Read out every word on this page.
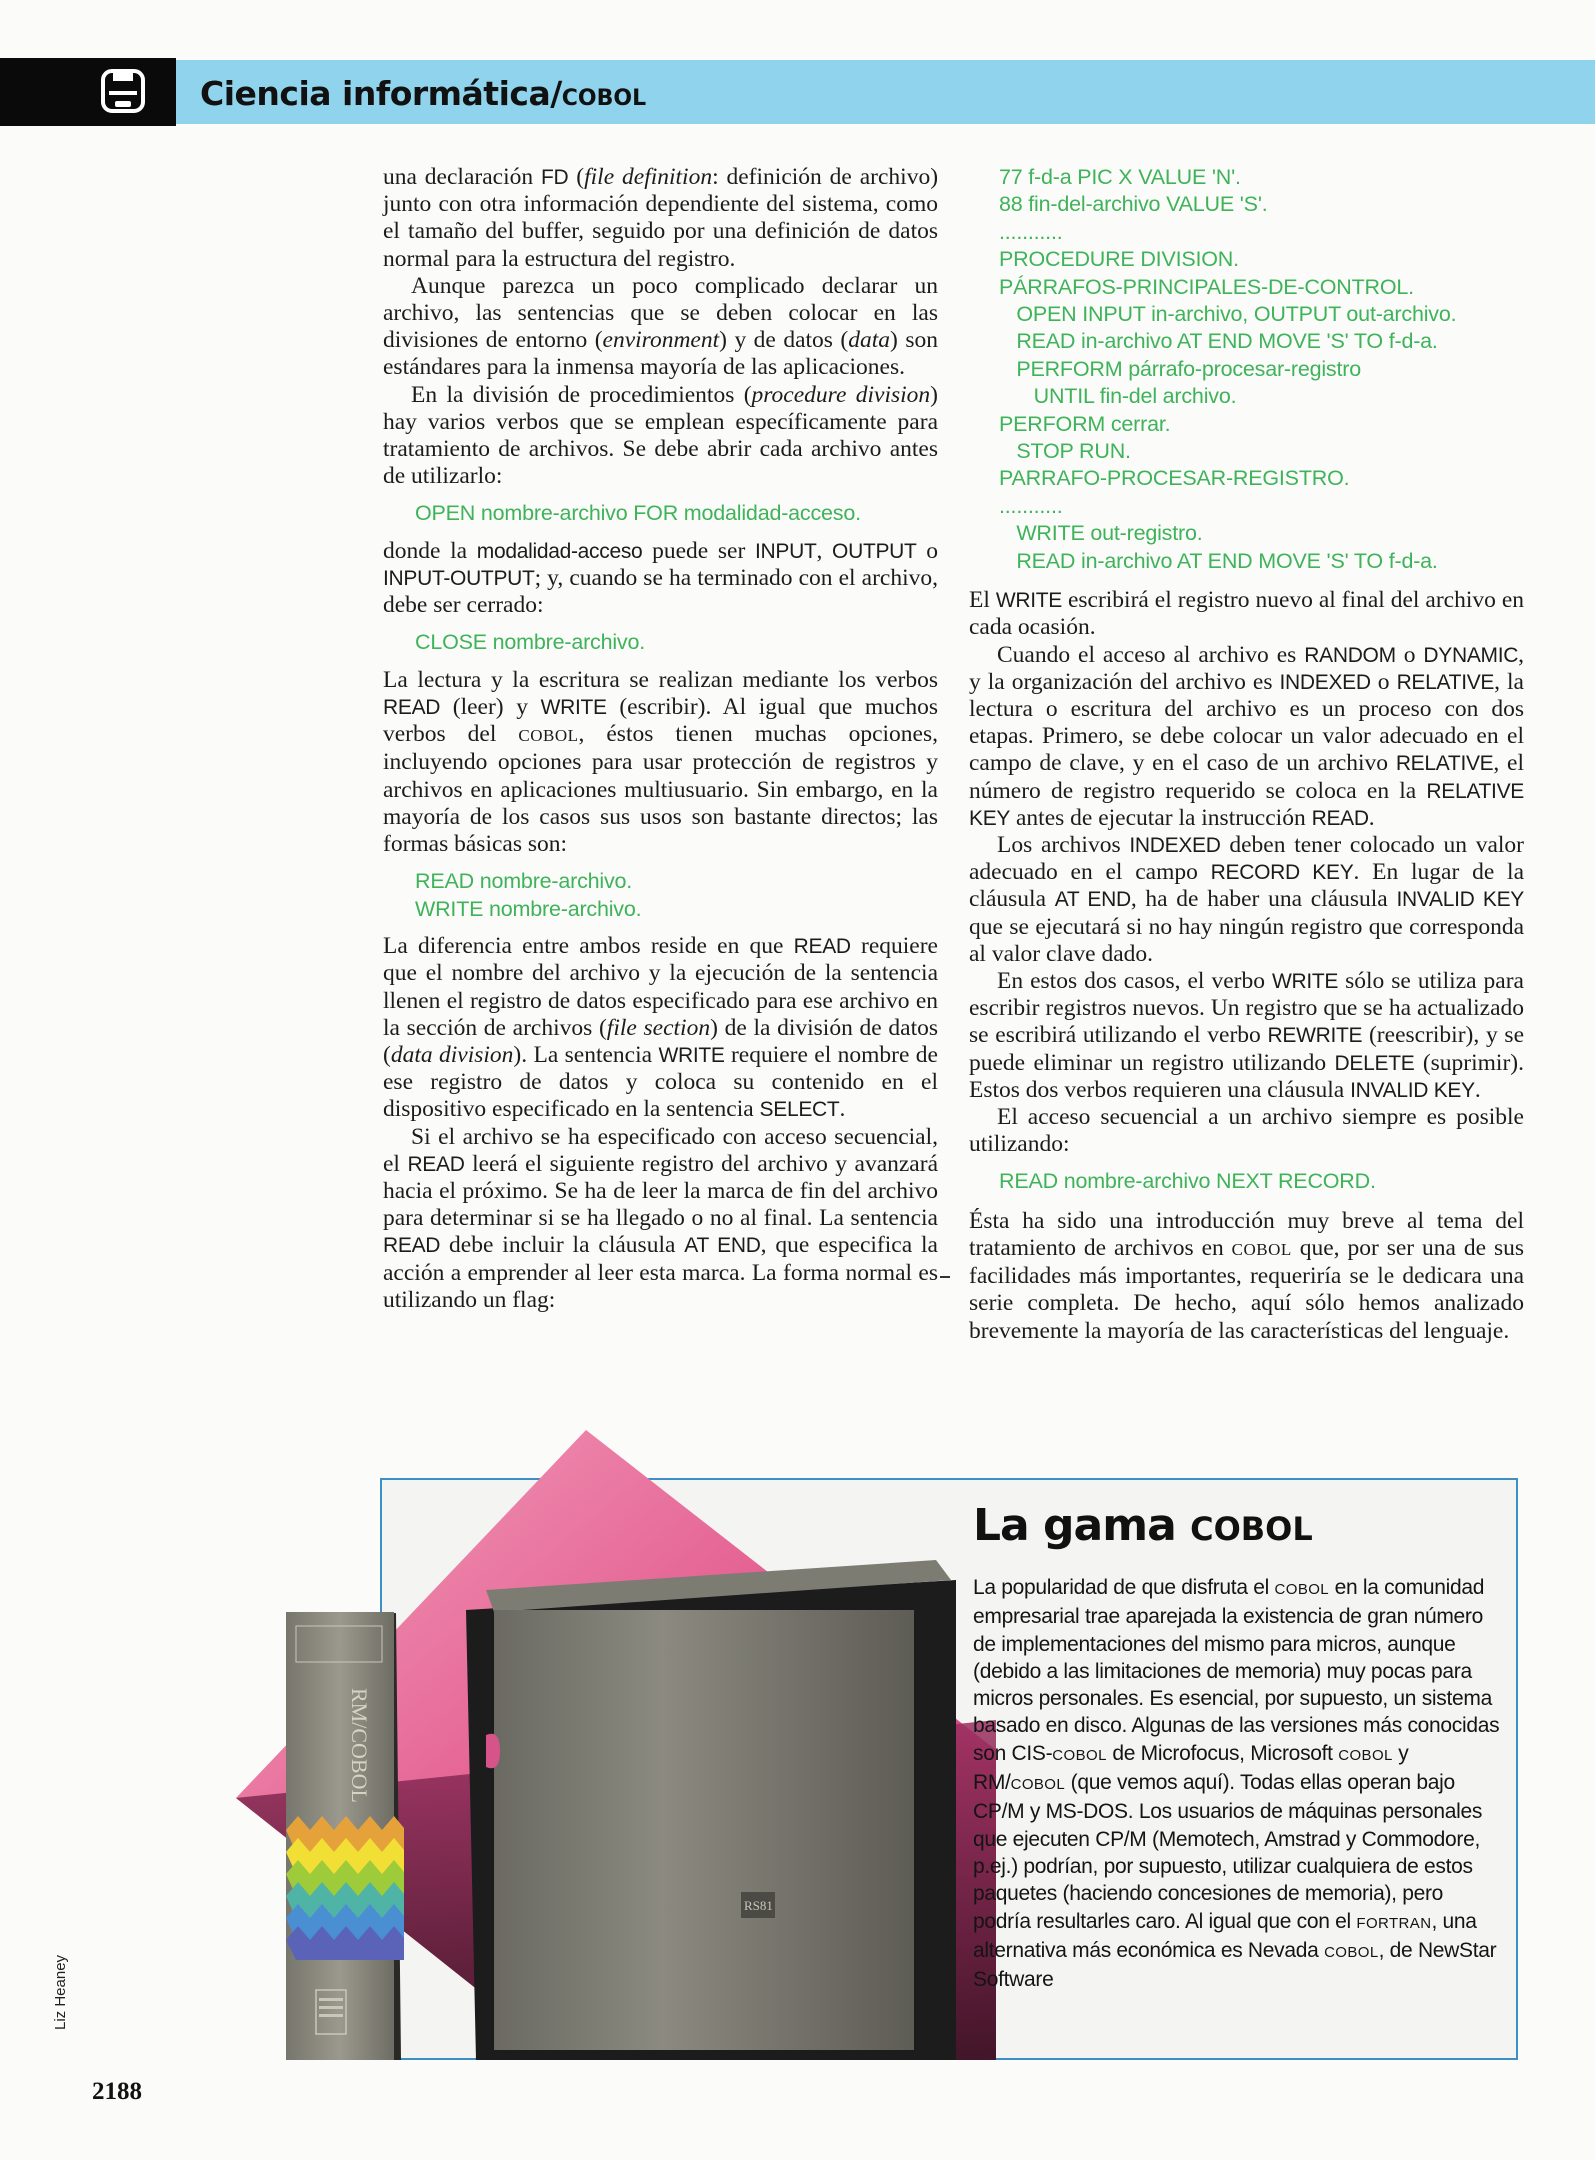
Ciencia informática/COBOL

una declaración FD (file definition: definición de archivo) junto con otra información dependiente del sistema, como el tamaño del buffer, seguido por una definición de datos normal para la estructura del registro.

Aunque parezca un poco complicado declarar un archivo, las sentencias que se deben colocar en las divisiones de entorno (environment) y de datos (data) son estándares para la inmensa mayoría de las aplicaciones.

En la división de procedimientos (procedure division) hay varios verbos que se emplean específicamente para tratamiento de archivos. Se debe abrir cada archivo antes de utilizarlo:

OPEN nombre-archivo FOR modalidad-acceso.

donde la modalidad-acceso puede ser INPUT, OUTPUT o INPUT-OUTPUT; y, cuando se ha terminado con el archivo, debe ser cerrado:

CLOSE nombre-archivo.

La lectura y la escritura se realizan mediante los verbos READ (leer) y WRITE (escribir). Al igual que muchos verbos del COBOL, éstos tienen muchas opciones, incluyendo opciones para usar protección de registros y archivos en aplicaciones multiusuario. Sin embargo, en la mayoría de los casos sus usos son bastante directos; las formas básicas son:

READ nombre-archivo.
WRITE nombre-archivo.

La diferencia entre ambos reside en que READ requiere que el nombre del archivo y la ejecución de la sentencia llenen el registro de datos especificado para ese archivo en la sección de archivos (file section) de la división de datos (data division). La sentencia WRITE requiere el nombre de ese registro de datos y coloca su contenido en el dispositivo especificado en la sentencia SELECT.

Si el archivo se ha especificado con acceso secuencial, el READ leerá el siguiente registro del archivo y avanzará hacia el próximo. Se ha de leer la marca de fin del archivo para determinar si se ha llegado o no al final. La sentencia READ debe incluir la cláusula AT END, que especifica la acción a emprender al leer esta marca. La forma normal es utilizando un flag:

77 f-d-a PIC X VALUE 'N'.
88 fin-del-archivo VALUE 'S'.
...........
PROCEDURE DIVISION.
PÁRRAFOS-PRINCIPALES-DE-CONTROL.
OPEN INPUT in-archivo, OUTPUT out-archivo.
READ in-archivo AT END MOVE 'S' TO f-d-a.
PERFORM párrafo-procesar-registro
UNTIL fin-del archivo.
PERFORM cerrar.
STOP RUN.
PARRAFO-PROCESAR-REGISTRO.
...........
WRITE out-registro.
READ in-archivo AT END MOVE 'S' TO f-d-a.

El WRITE escribirá el registro nuevo al final del archivo en cada ocasión.

Cuando el acceso al archivo es RANDOM o DYNAMIC, y la organización del archivo es INDEXED o RELATIVE, la lectura o escritura del archivo es un proceso con dos etapas. Primero, se debe colocar un valor adecuado en el campo de clave, y en el caso de un archivo RELATIVE, el número de registro requerido se coloca en la RELATIVE KEY antes de ejecutar la instrucción READ.

Los archivos INDEXED deben tener colocado un valor adecuado en el campo RECORD KEY. En lugar de la cláusula AT END, ha de haber una cláusula INVALID KEY que se ejecutará si no hay ningún registro que corresponda al valor clave dado.

En estos dos casos, el verbo WRITE sólo se utiliza para escribir registros nuevos. Un registro que se ha actualizado se escribirá utilizando el verbo REWRITE (reescribir), y se puede eliminar un registro utilizando DELETE (suprimir). Estos dos verbos requieren una cláusula INVALID KEY.

El acceso secuencial a un archivo siempre es posible utilizando:

READ nombre-archivo NEXT RECORD.

Ésta ha sido una introducción muy breve al tema del tratamiento de archivos en COBOL que, por ser una de sus facilidades más importantes, requeriría se le dedicara una serie completa. De hecho, aquí sólo hemos analizado brevemente la mayoría de las características del lenguaje.

RS81
RM/COBOL
La gama COBOL
La popularidad de que disfruta el COBOL en la comunidad empresarial trae aparejada la existencia de gran número de implementaciones del mismo para micros, aunque (debido a las limitaciones de memoria) muy pocas para micros personales. Es esencial, por supuesto, un sistema basado en disco. Algunas de las versiones más conocidas son CIS-COBOL de Microfocus, Microsoft COBOL y RM/COBOL (que vemos aquí). Todas ellas operan bajo CP/M y MS-DOS. Los usuarios de máquinas personales que ejecuten CP/M (Memotech, Amstrad y Commodore, p.ej.) podrían, por supuesto, utilizar cualquiera de estos paquetes (haciendo concesiones de memoria), pero podría resultarles caro. Al igual que con el FORTRAN, una alternativa más económica es Nevada COBOL, de NewStar Software
Liz Heaney
2188
